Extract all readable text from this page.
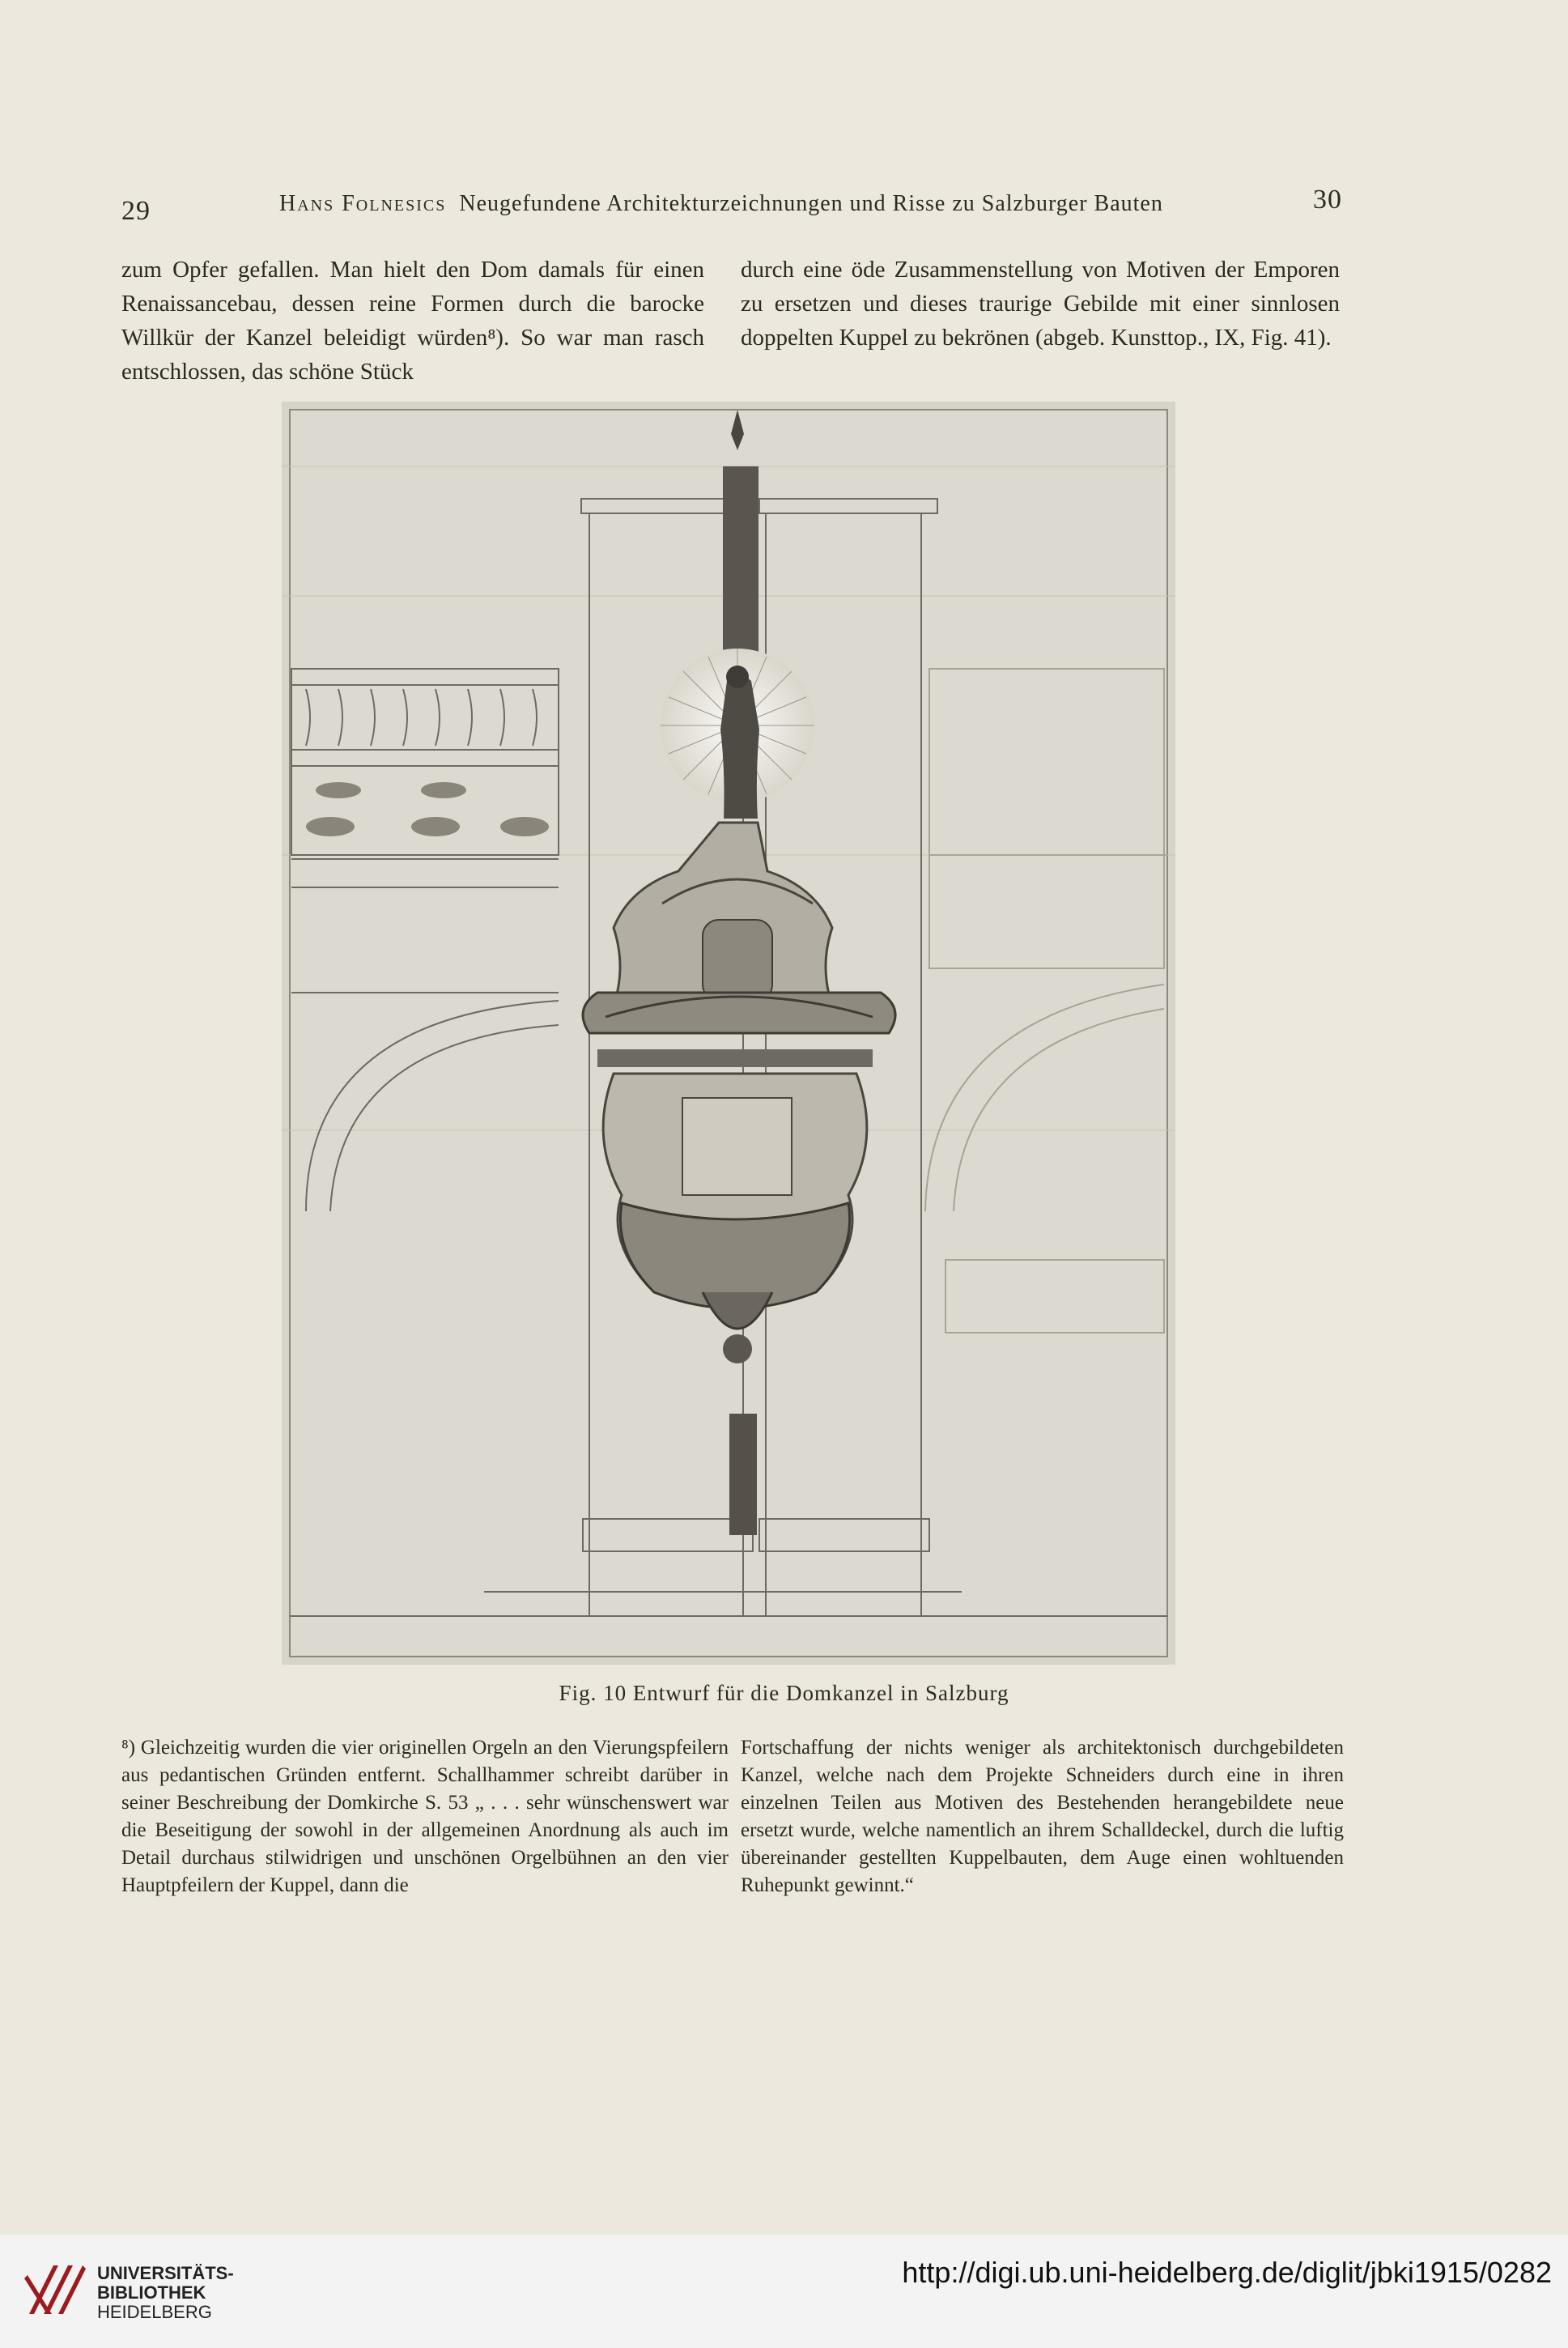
29	Hans Folnesics Neugefundene Architekturzeichnungen und Risse zu Salzburger Bauten	30

zum Opfer gefallen. Man hielt den Dom damals für einen Renaissancebau, dessen reine Formen durch die barocke Willkür der Kanzel beleidigt würden⁸). So war man rasch entschlossen, das schöne Stück

durch eine öde Zusammenstellung von Motiven der Emporen zu ersetzen und dieses traurige Gebilde mit einer sinnlosen doppelten Kuppel zu bekrönen (abgeb. Kunsttop., IX, Fig. 41).

Fig. 10 Entwurf für die Domkanzel in Salzburg

⁸) Gleichzeitig wurden die vier originellen Orgeln an den Vierungspfeilern aus pedantischen Gründen entfernt. Schallhammer schreibt darüber in seiner Beschreibung der Domkirche S. 53 „ . . . sehr wünschenswert war die Beseitigung der sowohl in der allgemeinen Anordnung als auch im Detail durchaus stilwidrigen und unschönen Orgelbühnen an den vier Hauptpfeilern der Kuppel, dann die

Fortschaffung der nichts weniger als architektonisch durchgebildeten Kanzel, welche nach dem Projekte Schneiders durch eine in ihren einzelnen Teilen aus Motiven des Bestehenden herangebildete neue ersetzt wurde, welche namentlich an ihrem Schalldeckel, durch die luftig übereinander gestellten Kuppelbauten, dem Auge einen wohltuenden Ruhepunkt gewinnt.“

UNIVERSITÄTS-
BIBLIOTHEK
HEIDELBERG
http://digi.ub.uni-heidelberg.de/diglit/jbki1915/0282
